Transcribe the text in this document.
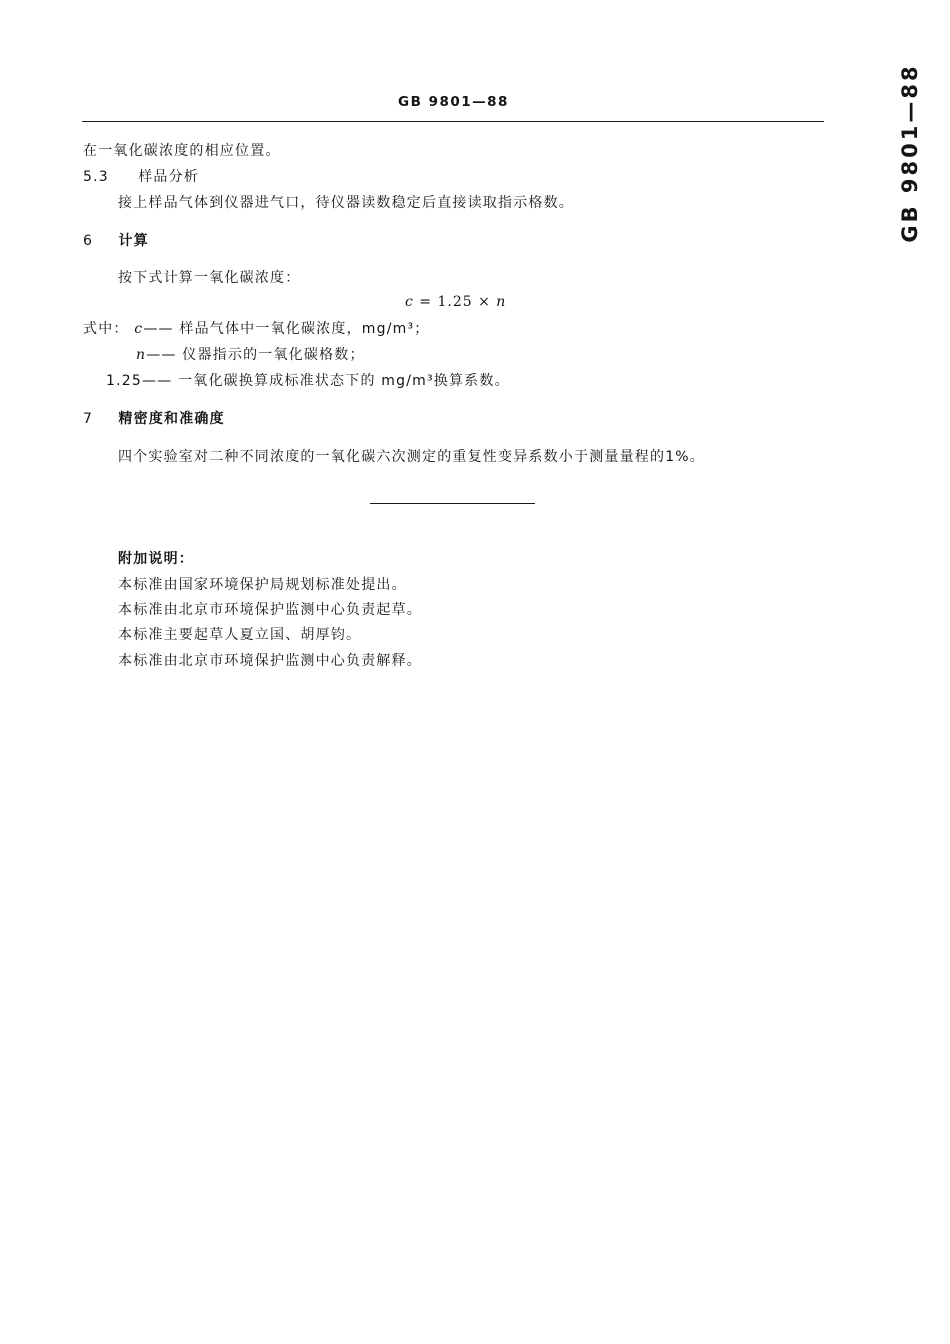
GB 9801—88	GB 9801—88
在一氧化碳浓度的相应位置。
5.3 样品分析
接上样品气体到仪器进气口，待仪器读数稳定后直接读取指示格数。
6 计算
按下式计算一氧化碳浓度：
c = 1.25 × n
式中： c—— 样品气体中一氧化碳浓度，mg/m³；
n—— 仪器指示的一氧化碳格数；
1.25—— 一氧化碳换算成标准状态下的 mg/m³换算系数。
7 精密度和准确度
四个实验室对二种不同浓度的一氧化碳六次测定的重复性变异系数小于测量量程的1%。
附加说明：
本标准由国家环境保护局规划标准处提出。
本标准由北京市环境保护监测中心负责起草。
本标准主要起草人夏立国、胡厚钧。
本标准由北京市环境保护监测中心负责解释。
